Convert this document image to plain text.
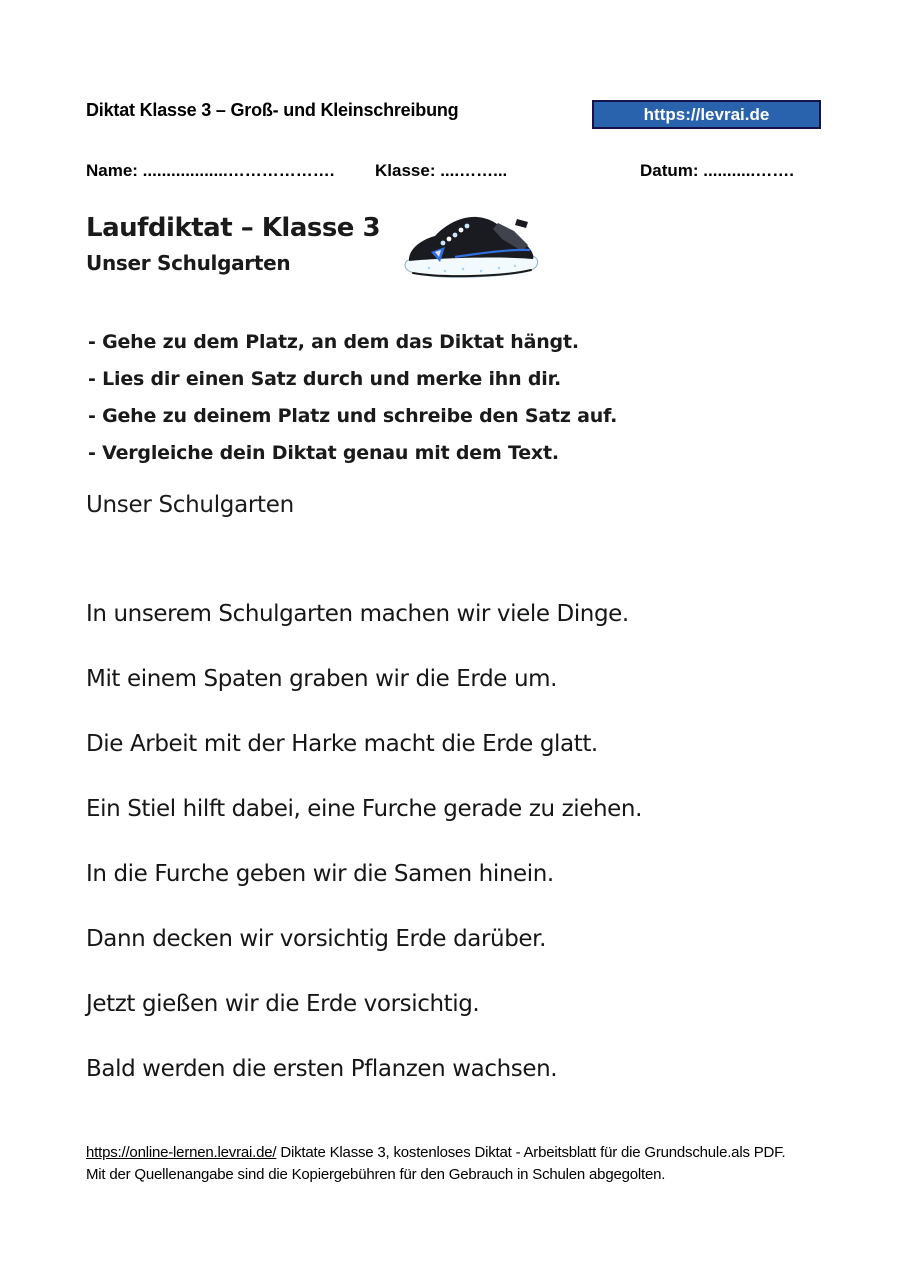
Diktat Klasse 3 – Groß- und Kleinschreibung	https://levrai.de
Name: ..................………………. Klasse: ....……...	Datum: ...........…….
Laufdiktat – Klasse 3
Unser Schulgarten
- Gehe zu dem Platz, an dem das Diktat hängt.
- Lies dir einen Satz durch und merke ihn dir.
- Gehe zu deinem Platz und schreibe den Satz auf.
- Vergleiche dein Diktat genau mit dem Text.
Unser Schulgarten
In unserem Schulgarten machen wir viele Dinge.
Mit einem Spaten graben wir die Erde um.
Die Arbeit mit der Harke macht die Erde glatt.
Ein Stiel hilft dabei, eine Furche gerade zu ziehen.
In die Furche geben wir die Samen hinein.
Dann decken wir vorsichtig Erde darüber.
Jetzt gießen wir die Erde vorsichtig.
Bald werden die ersten Pflanzen wachsen.
https://online-lernen.levrai.de/ Diktate Klasse 3, kostenloses Diktat - Arbeitsblatt für die Grundschule.als PDF.
Mit der Quellenangabe sind die Kopiergebühren für den Gebrauch in Schulen abgegolten.
